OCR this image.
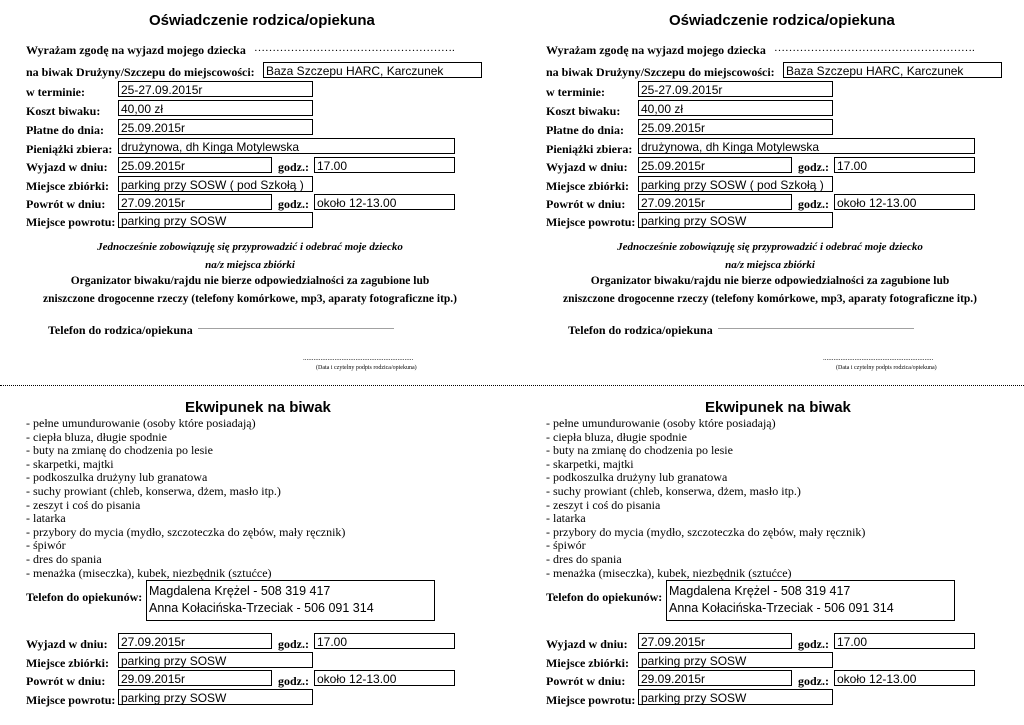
Oświadczenie rodzica/opiekuna
Wyrażam zgodę na wyjazd mojego dziecka ……………………………………………….
na biwak Drużyny/Szczepu do miejscowości: Baza Szczepu HARC, Karczunek
w terminie:	25-27.09.2015r
Koszt biwaku: 40,00 zł
Płatne do dnia: 25.09.2015r
Pieniążki zbiera: drużynowa, dh Kinga Motylewska
Wyjazd w dniu: 25.09.2015r	godz.: 17.00
Miejsce zbiórki: parking przy SOSW ( pod Szkołą )
Powrót w dniu: 27.09.2015r	godz.: około 12-13.00
Miejsce powrotu: parking przy SOSW
Jednocześnie zobowiązuję się przyprowadzić i odebrać moje dziecko
na/z miejsca zbiórki
Organizator biwaku/rajdu nie bierze odpowiedzialności za zagubione lub
zniszczone drogocenne rzeczy (telefony komórkowe, mp3, aparaty fotograficzne itp.)
Telefon do rodzica/opiekuna ..................................................................................................
...............................................................
(Data i czytelny podpis rodzica/opiekuna)
Oświadczenie rodzica/opiekuna
Wyrażam zgodę na wyjazd mojego dziecka ……………………………………………….
na biwak Drużyny/Szczepu do miejscowości: Baza Szczepu HARC, Karczunek
w terminie:	25-27.09.2015r
Koszt biwaku: 40,00 zł
Płatne do dnia: 25.09.2015r
Pieniążki zbiera: drużynowa, dh Kinga Motylewska
Wyjazd w dniu: 25.09.2015r	godz.: 17.00
Miejsce zbiórki: parking przy SOSW ( pod Szkołą )
Powrót w dniu: 27.09.2015r	godz.: około 12-13.00
Miejsce powrotu: parking przy SOSW
Jednocześnie zobowiązuję się przyprowadzić i odebrać moje dziecko
na/z miejsca zbiórki
Organizator biwaku/rajdu nie bierze odpowiedzialności za zagubione lub
zniszczone drogocenne rzeczy (telefony komórkowe, mp3, aparaty fotograficzne itp.)
Telefon do rodzica/opiekuna ..................................................................................................
...............................................................
(Data i czytelny podpis rodzica/opiekuna)
Ekwipunek na biwak
- pełne umundurowanie (osoby które posiadają)
- ciepła bluza, długie spodnie
- buty na zmianę do chodzenia po lesie
- skarpetki, majtki
- podkoszulka drużyny lub granatowa
- suchy prowiant (chleb, konserwa, dżem, masło itp.)
- zeszyt i coś do pisania
- latarka
- przybory do mycia (mydło, szczoteczka do zębów, mały ręcznik)
- śpiwór
- dres do spania
- menażka (miseczka), kubek, niezbędnik (sztućce)
Telefon do opiekunów: Magdalena Krężel - 508 319 417
Anna Kołacińska-Trzeciak - 506 091 314
Wyjazd w dniu: 27.09.2015r	godz.: 17.00
Miejsce zbiórki: parking przy SOSW
Powrót w dniu: 29.09.2015r	godz.: około 12-13.00
Miejsce powrotu: parking przy SOSW
Ekwipunek na biwak
- pełne umundurowanie (osoby które posiadają)
- ciepła bluza, długie spodnie
- buty na zmianę do chodzenia po lesie
- skarpetki, majtki
- podkoszulka drużyny lub granatowa
- suchy prowiant (chleb, konserwa, dżem, masło itp.)
- zeszyt i coś do pisania
- latarka
- przybory do mycia (mydło, szczoteczka do zębów, mały ręcznik)
- śpiwór
- dres do spania
- menażka (miseczka), kubek, niezbędnik (sztućce)
Telefon do opiekunów: Magdalena Krężel - 508 319 417
Anna Kołacińska-Trzeciak - 506 091 314
Wyjazd w dniu: 27.09.2015r	godz.: 17.00
Miejsce zbiórki: parking przy SOSW
Powrót w dniu: 29.09.2015r	godz.: około 12-13.00
Miejsce powrotu: parking przy SOSW
